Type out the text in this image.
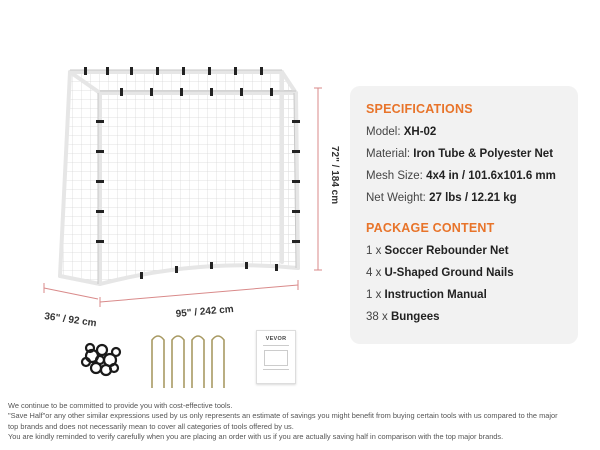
72" / 184 cm
95" / 242 cm
36" / 92 cm
SPECIFICATIONS
Model: XH-02
Material: Iron Tube & Polyester Net
Mesh Size: 4x4 in / 101.6x101.6 mm
Net Weight: 27 lbs / 12.21 kg
PACKAGE CONTENT
1 x Soccer Rebounder Net
4 x U-Shaped Ground Nails
1 x Instruction Manual
38 x Bungees
VEVOR

We continue to be committed to provide you with cost-effective tools.

"Save Half"or any other similar expressions used by us only represents an estimate of savings you might benefit from buying certain tools with us compared to the major

top brands and does not necessarily mean to cover all categories of tools offered by us.

You are kindly reminded to verify carefully when you are placing an order with us if you are actually saving half in comparison with the top major brands.
